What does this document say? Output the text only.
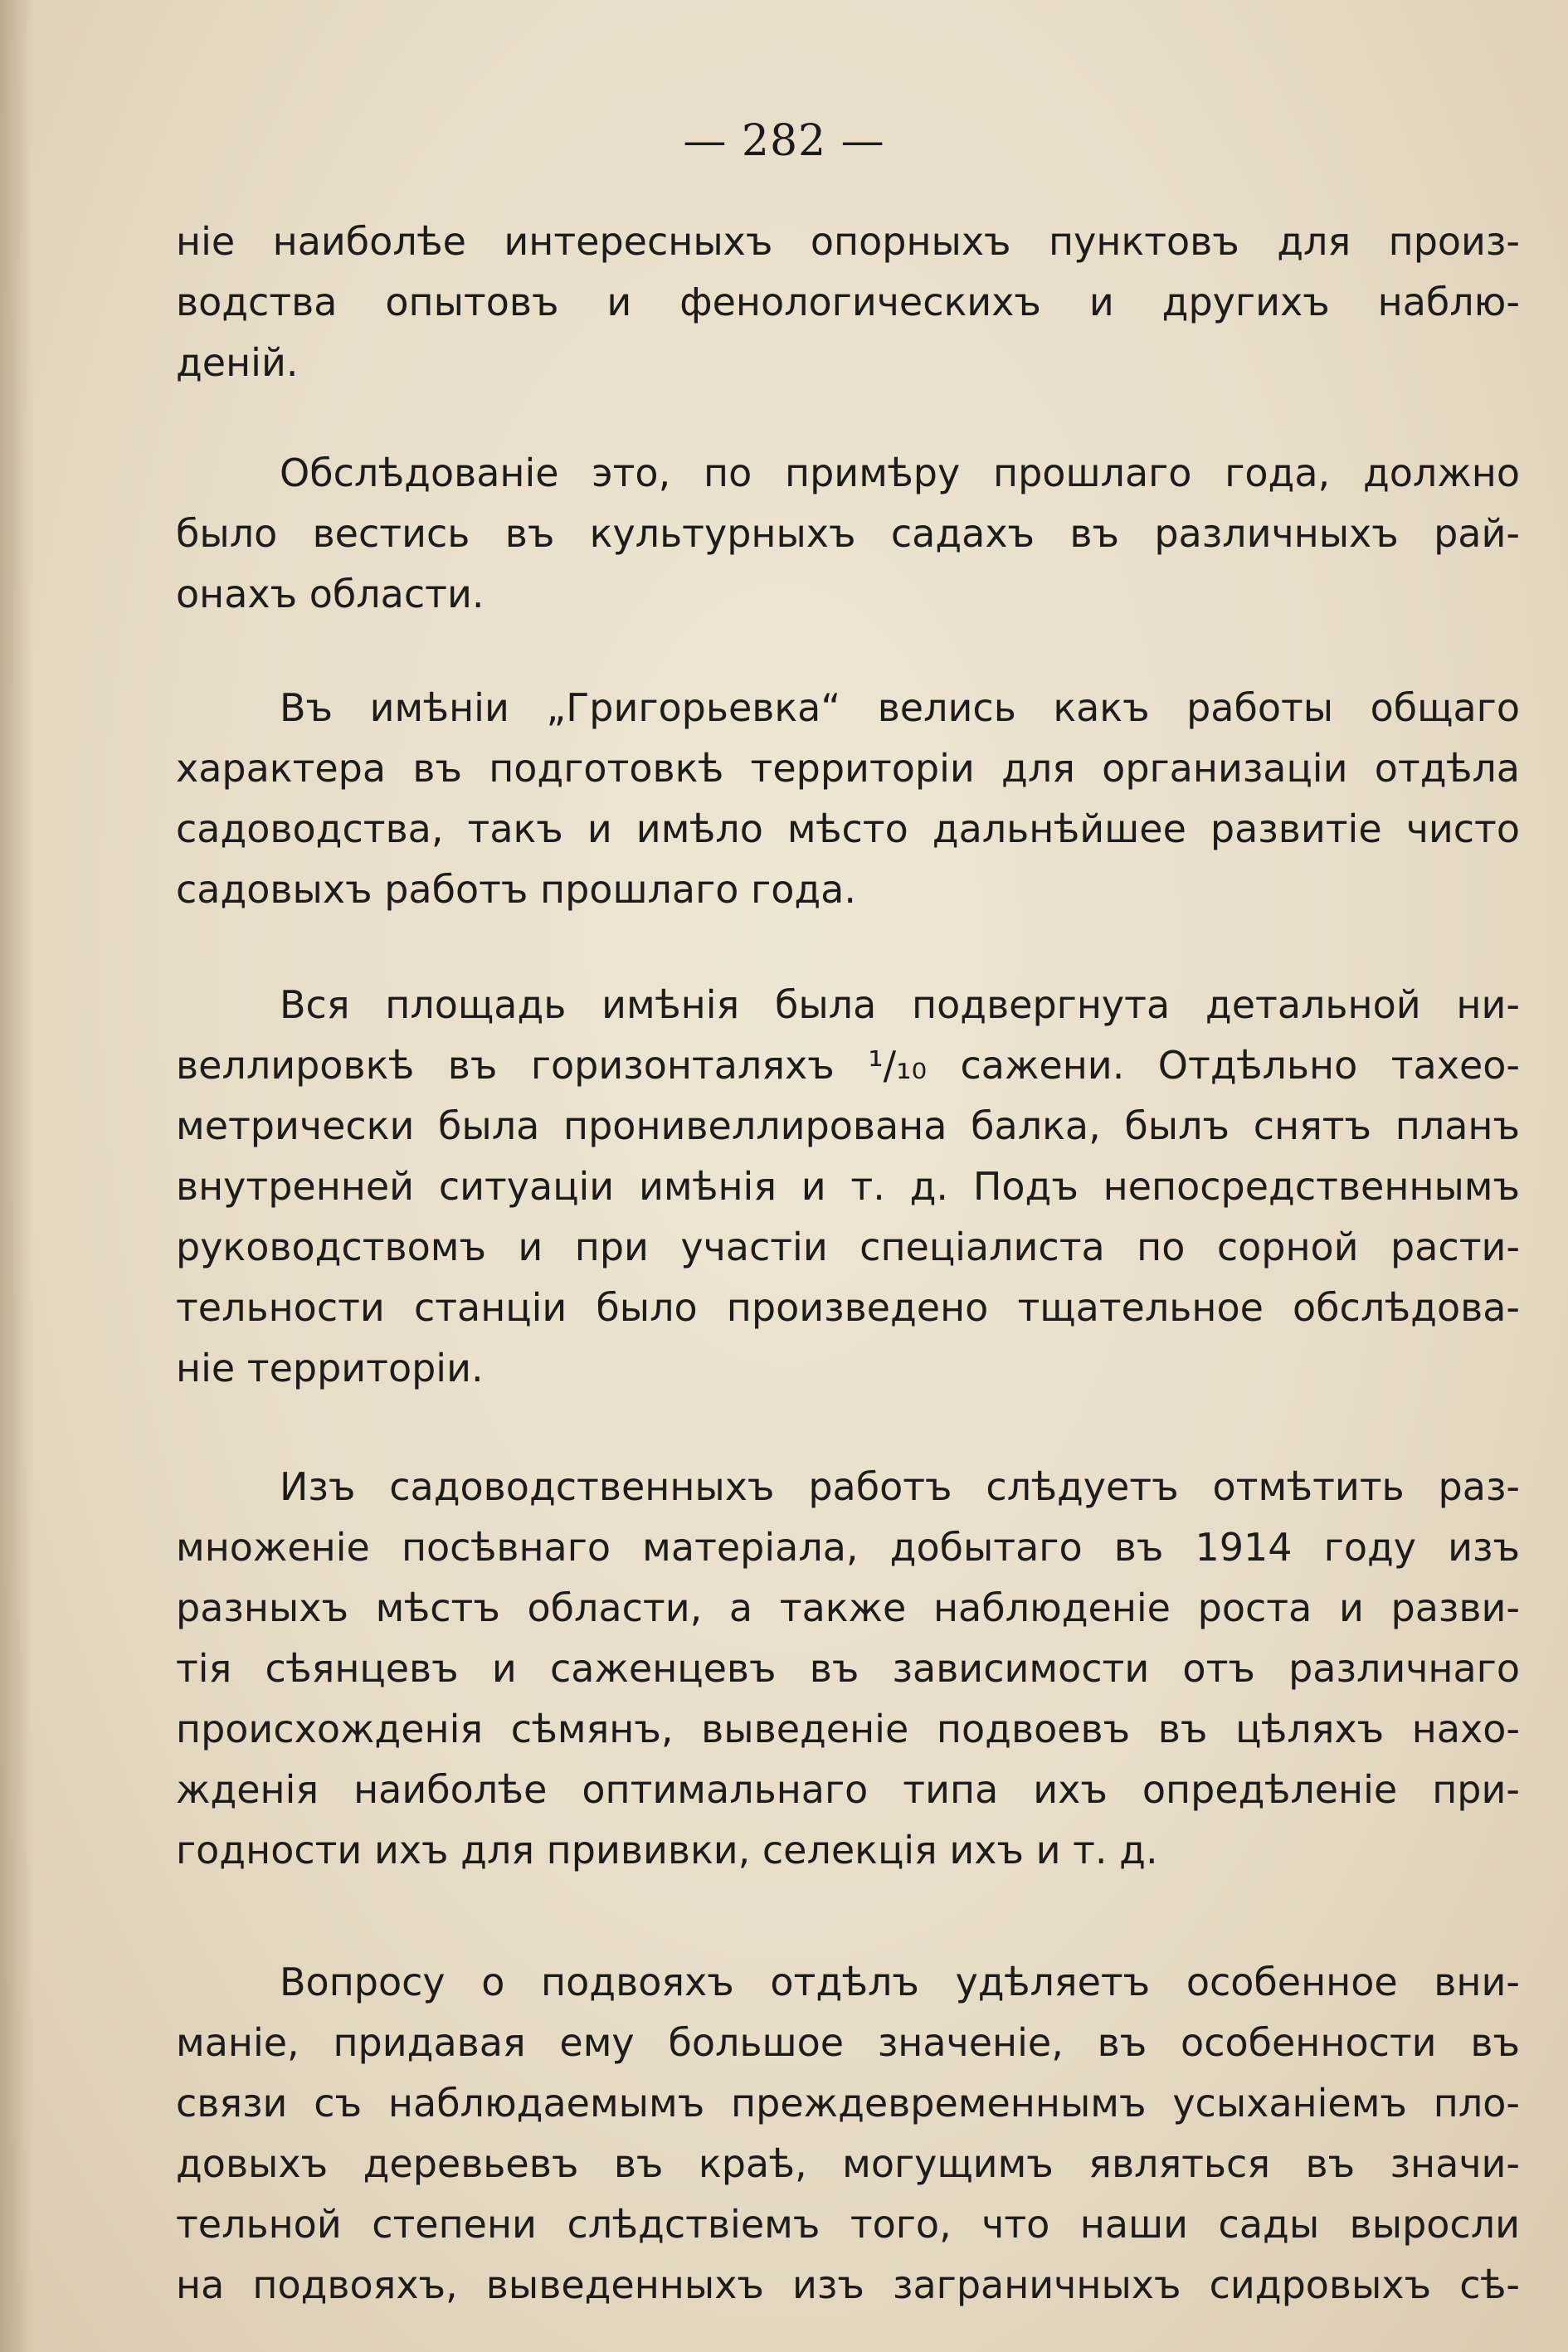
— 282 —

ніе наиболѣе интересныхъ опорныхъ пунктовъ для произ-
водства опытовъ и фенологическихъ и другихъ наблю-
деній.

Обслѣдованіе это, по примѣру прошлаго года, должно
было вестись въ культурныхъ садахъ въ различныхъ рай-
онахъ области.

Въ имѣніи „Григорьевка“ велись какъ работы общаго
характера въ подготовкѣ территоріи для организаціи отдѣла
садоводства, такъ и имѣло мѣсто дальнѣйшее развитіе чисто
садовыхъ работъ прошлаго года.

Вся площадь имѣнія была подвергнута детальной ни-
веллировкѣ въ горизонталяхъ ¹/₁₀ сажени. Отдѣльно тахео-
метрически была пронивеллирована балка, былъ снятъ планъ
внутренней ситуаціи имѣнія и т. д. Подъ непосредственнымъ
руководствомъ и при участіи спеціалиста по сорной расти-
тельности станціи было произведено тщательное обслѣдова-
ніе территоріи.

Изъ садоводственныхъ работъ слѣдуетъ отмѣтить раз-
множеніе посѣвнаго матеріала, добытаго въ 1914 году изъ
разныхъ мѣстъ области, а также наблюденіе роста и разви-
тія сѣянцевъ и саженцевъ въ зависимости отъ различнаго
происхожденія сѣмянъ, выведеніе подвоевъ въ цѣляхъ нахо-
жденія наиболѣе оптимальнаго типа ихъ опредѣленіе при-
годности ихъ для прививки, селекція ихъ и т. д.

Вопросу о подвояхъ отдѣлъ удѣляетъ особенное вни-
маніе, придавая ему большое значеніе, въ особенности въ
связи съ наблюдаемымъ преждевременнымъ усыханіемъ пло-
довыхъ деревьевъ въ краѣ, могущимъ являться въ значи-
тельной степени слѣдствіемъ того, что наши сады выросли
на подвояхъ, выведенныхъ изъ заграничныхъ сидровыхъ сѣ-
